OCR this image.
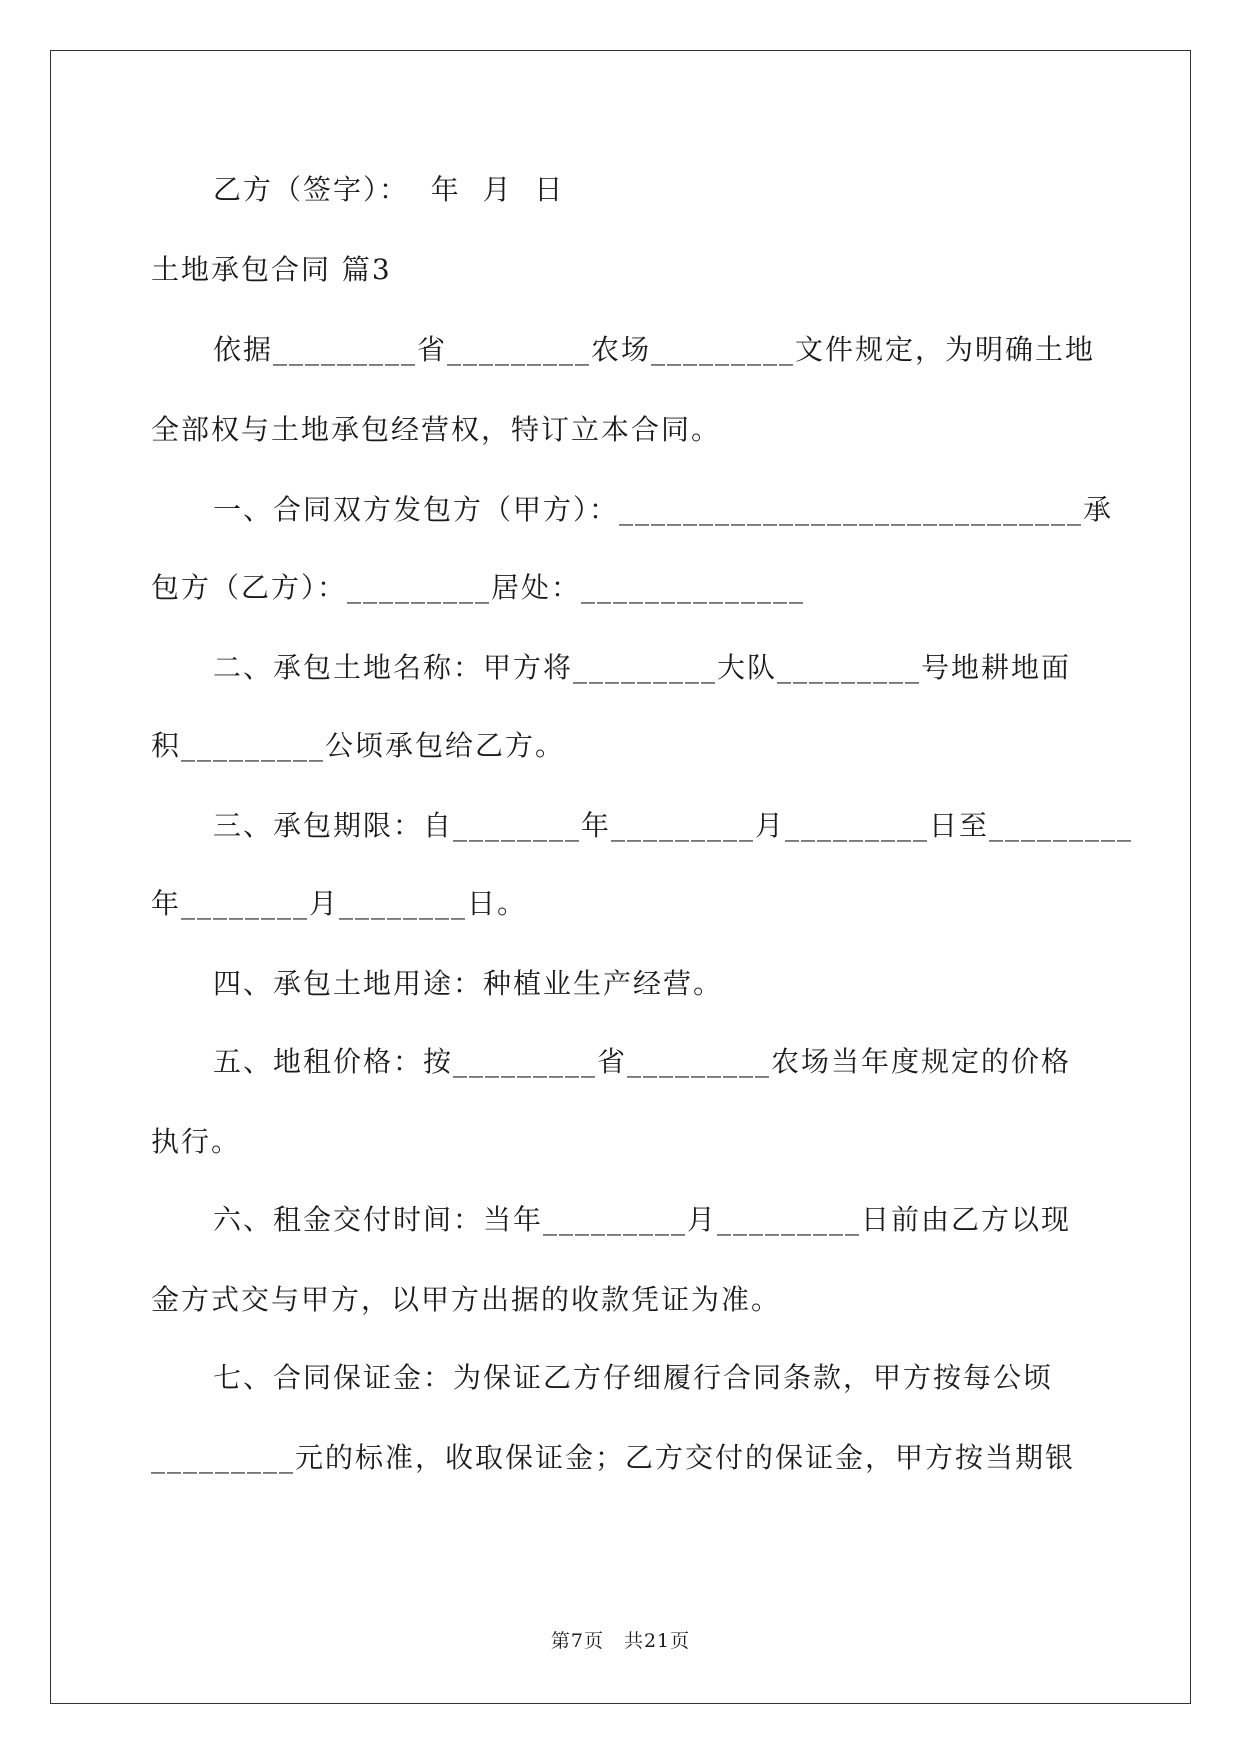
乙方（签字）：  年  月  日
土地承包合同 篇3
依据_________省_________农场_________文件规定，为明确土地
全部权与土地承包经营权，特订立本合同。
一、合同双方发包方（甲方）：_____________________________承
包方（乙方）：_________居处：______________
二、承包土地名称：甲方将_________大队_________号地耕地面
积_________公顷承包给乙方。
三、承包期限：自________年_________月_________日至_________
年________月________日。
四、承包土地用途：种植业生产经营。
五、地租价格：按_________省_________农场当年度规定的价格
执行。
六、租金交付时间：当年_________月_________日前由乙方以现
金方式交与甲方，以甲方出据的收款凭证为准。
七、合同保证金：为保证乙方仔细履行合同条款，甲方按每公顷
_________元的标准，收取保证金；乙方交付的保证金，甲方按当期银
第7页　共21页
